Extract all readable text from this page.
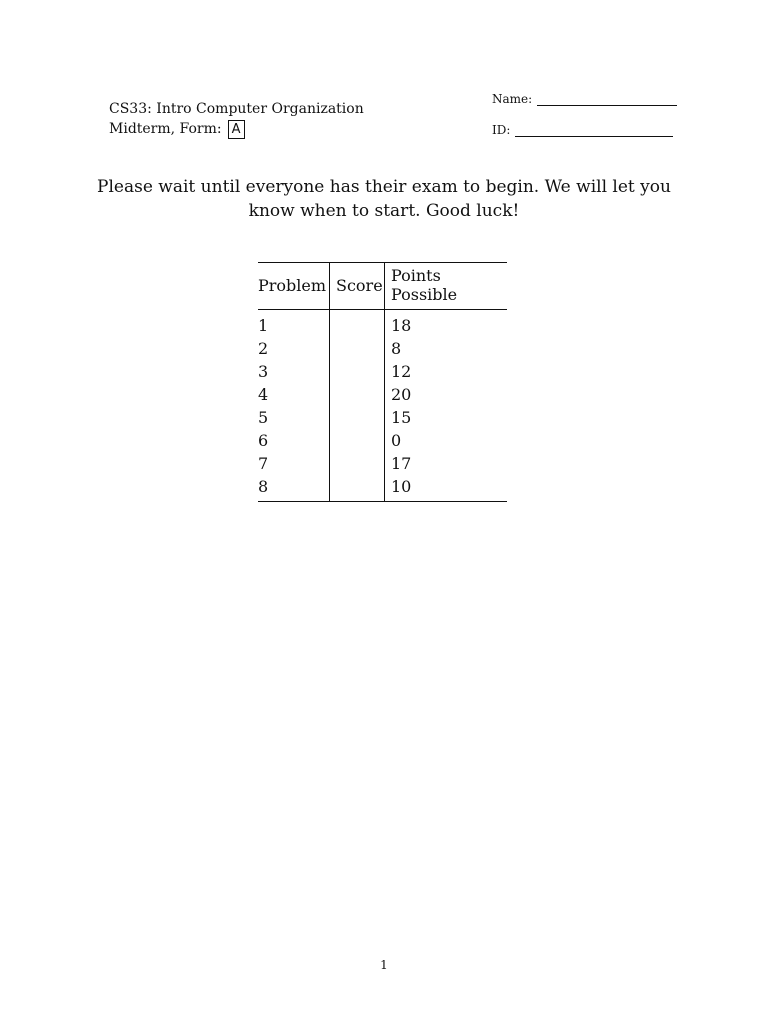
CS33: Intro Computer Organization
Midterm, Form: A
Name:
ID:
Please wait until everyone has their exam to begin. We will let you know when to start. Good luck!
Problem	Score	Points Possible
1		18
2		8
3		12
4		20
5		15
6		0
7		17
8		10
1
